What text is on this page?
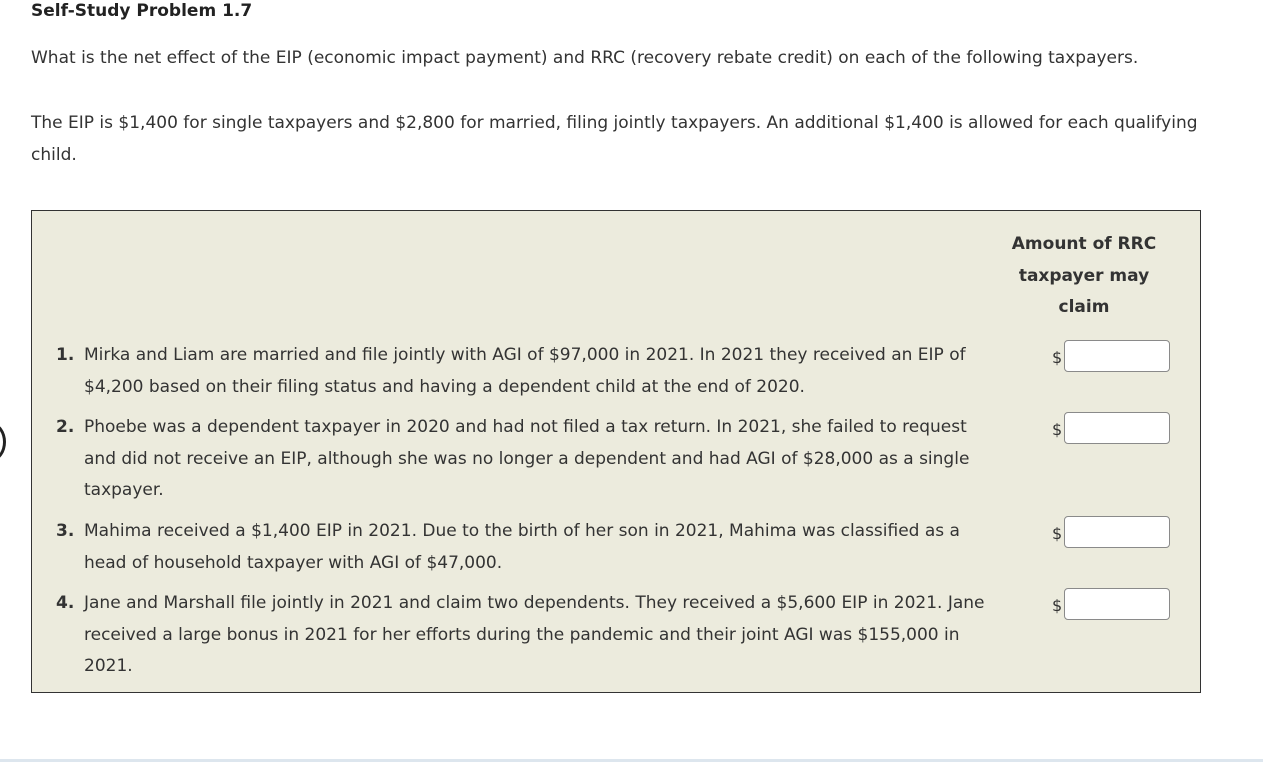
Self-Study Problem 1.7
What is the net effect of the EIP (economic impact payment) and RRC (recovery rebate credit) on each of the following taxpayers.
The EIP is $1,400 for single taxpayers and $2,800 for married, filing jointly taxpayers. An additional $1,400 is allowed for each qualifying child.
Amount of RRC taxpayer may claim
1. Mirka and Liam are married and file jointly with AGI of $97,000 in 2021. In 2021 they received an EIP of $4,200 based on their filing status and having a dependent child at the end of 2020.
$
2. Phoebe was a dependent taxpayer in 2020 and had not filed a tax return. In 2021, she failed to request and did not receive an EIP, although she was no longer a dependent and had AGI of $28,000 as a single taxpayer.
$
3. Mahima received a $1,400 EIP in 2021. Due to the birth of her son in 2021, Mahima was classified as a head of household taxpayer with AGI of $47,000.
$
4. Jane and Marshall file jointly in 2021 and claim two dependents. They received a $5,600 EIP in 2021. Jane received a large bonus in 2021 for her efforts during the pandemic and their joint AGI was $155,000 in 2021.
$
